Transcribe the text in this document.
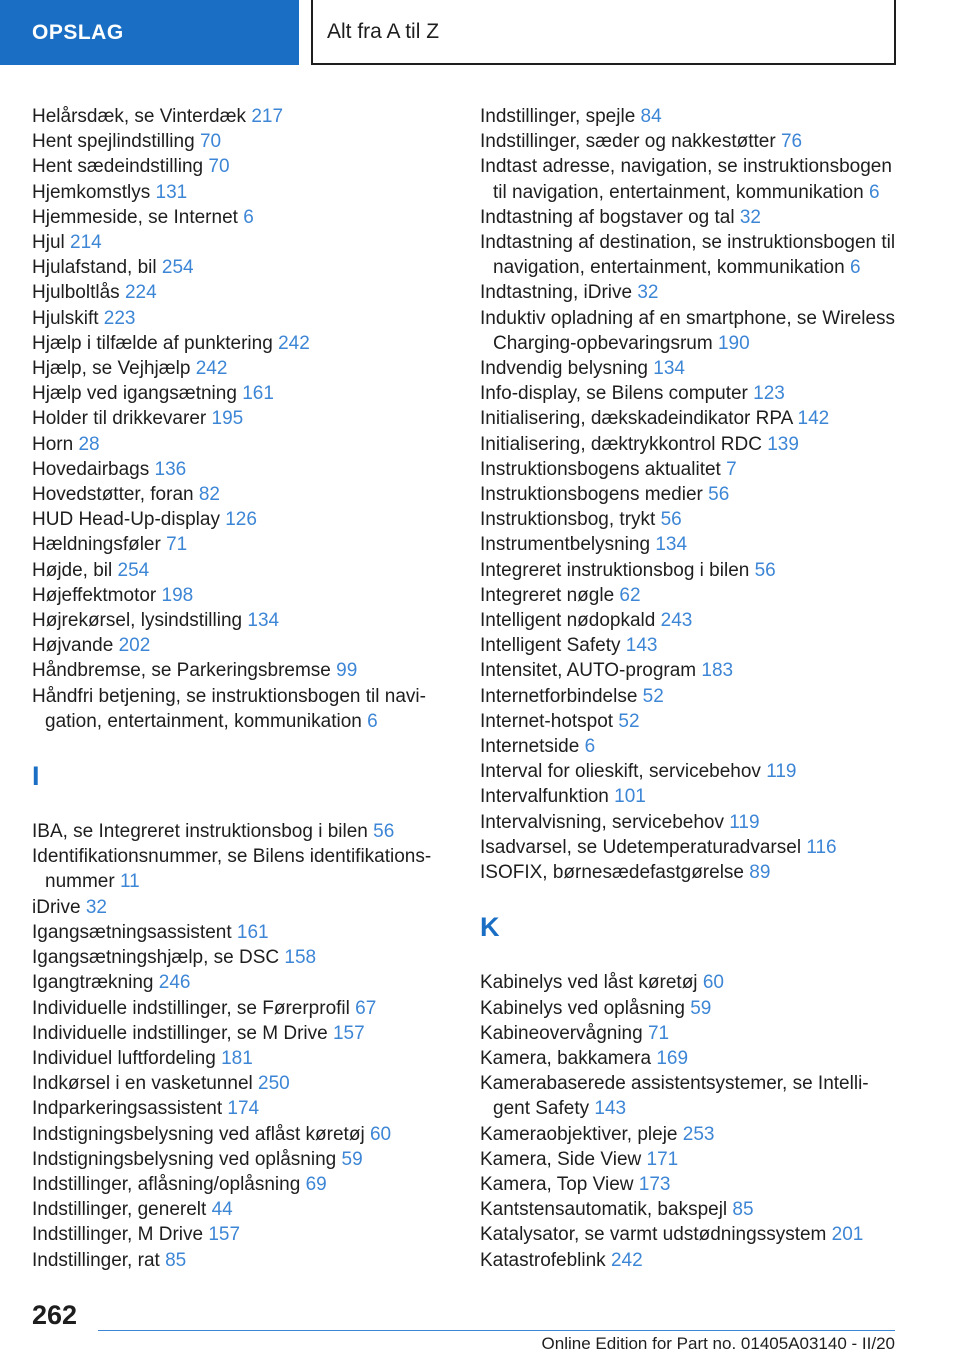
OPSLAG	Alt fra A til Z
Helårsdæk, se Vinterdæk 217
Hent spejlindstilling 70
Hent sædeindstilling 70
Hjemkomstlys 131
Hjemmeside, se Internet 6
Hjul 214
Hjulafstand, bil 254
Hjulboltlås 224
Hjulskift 223
Hjælp i tilfælde af punktering 242
Hjælp, se Vejhjælp 242
Hjælp ved igangsætning 161
Holder til drikkevarer 195
Horn 28
Hovedairbags 136
Hovedstøtter, foran 82
HUD Head-Up-display 126
Hældningsføler 71
Højde, bil 254
Højeffektmotor 198
Højrekørsel, lysindstilling 134
Højvande 202
Håndbremse, se Parkeringsbremse 99
Håndfri betjening, se instruktionsbogen til navi-gation, entertainment, kommunikation 6
I
IBA, se Integreret instruktionsbog i bilen 56
Identifikationsnummer, se Bilens identifikations-nummer 11
iDrive 32
Igangsætningsassistent 161
Igangsætningshjælp, se DSC 158
Igangtrækning 246
Individuelle indstillinger, se Førerprofil 67
Individuelle indstillinger, se M Drive 157
Individuel luftfordeling 181
Indkørsel i en vasketunnel 250
Indparkeringsassistent 174
Indstigningsbelysning ved aflåst køretøj 60
Indstigningsbelysning ved oplåsning 59
Indstillinger, aflåsning/oplåsning 69
Indstillinger, generelt 44
Indstillinger, M Drive 157
Indstillinger, rat 85
Indstillinger, spejle 84
Indstillinger, sæder og nakkestøtter 76
Indtast adresse, navigation, se instruktionsbogen til navigation, entertainment, kommunikation 6
Indtastning af bogstaver og tal 32
Indtastning af destination, se instruktionsbogen til navigation, entertainment, kommunikation 6
Indtastning, iDrive 32
Induktiv opladning af en smartphone, se Wireless Charging-opbevaringsrum 190
Indvendig belysning 134
Info-display, se Bilens computer 123
Initialisering, dækskadeindikator RPA 142
Initialisering, dæktrykkontrol RDC 139
Instruktionsbogens aktualitet 7
Instruktionsbogens medier 56
Instruktionsbog, trykt 56
Instrumentbelysning 134
Integreret instruktionsbog i bilen 56
Integreret nøgle 62
Intelligent nødopkald 243
Intelligent Safety 143
Intensitet, AUTO-program 183
Internetforbindelse 52
Internet-hotspot 52
Internetside 6
Interval for olieskift, servicebehov 119
Intervalfunktion 101
Intervalvisning, servicebehov 119
Isadvarsel, se Udetemperaturadvarsel 116
ISOFIX, børnesædefastgørelse 89
K
Kabinelys ved låst køretøj 60
Kabinelys ved oplåsning 59
Kabineovervågning 71
Kamera, bakkamera 169
Kamerabaserede assistentsystemer, se Intelli-gent Safety 143
Kameraobjektiver, pleje 253
Kamera, Side View 171
Kamera, Top View 173
Kantstensautomatik, bakspejl 85
Katalysator, se varmt udstødningssystem 201
Katastrofeblink 242
262
Online Edition for Part no. 01405A03140 - II/20
